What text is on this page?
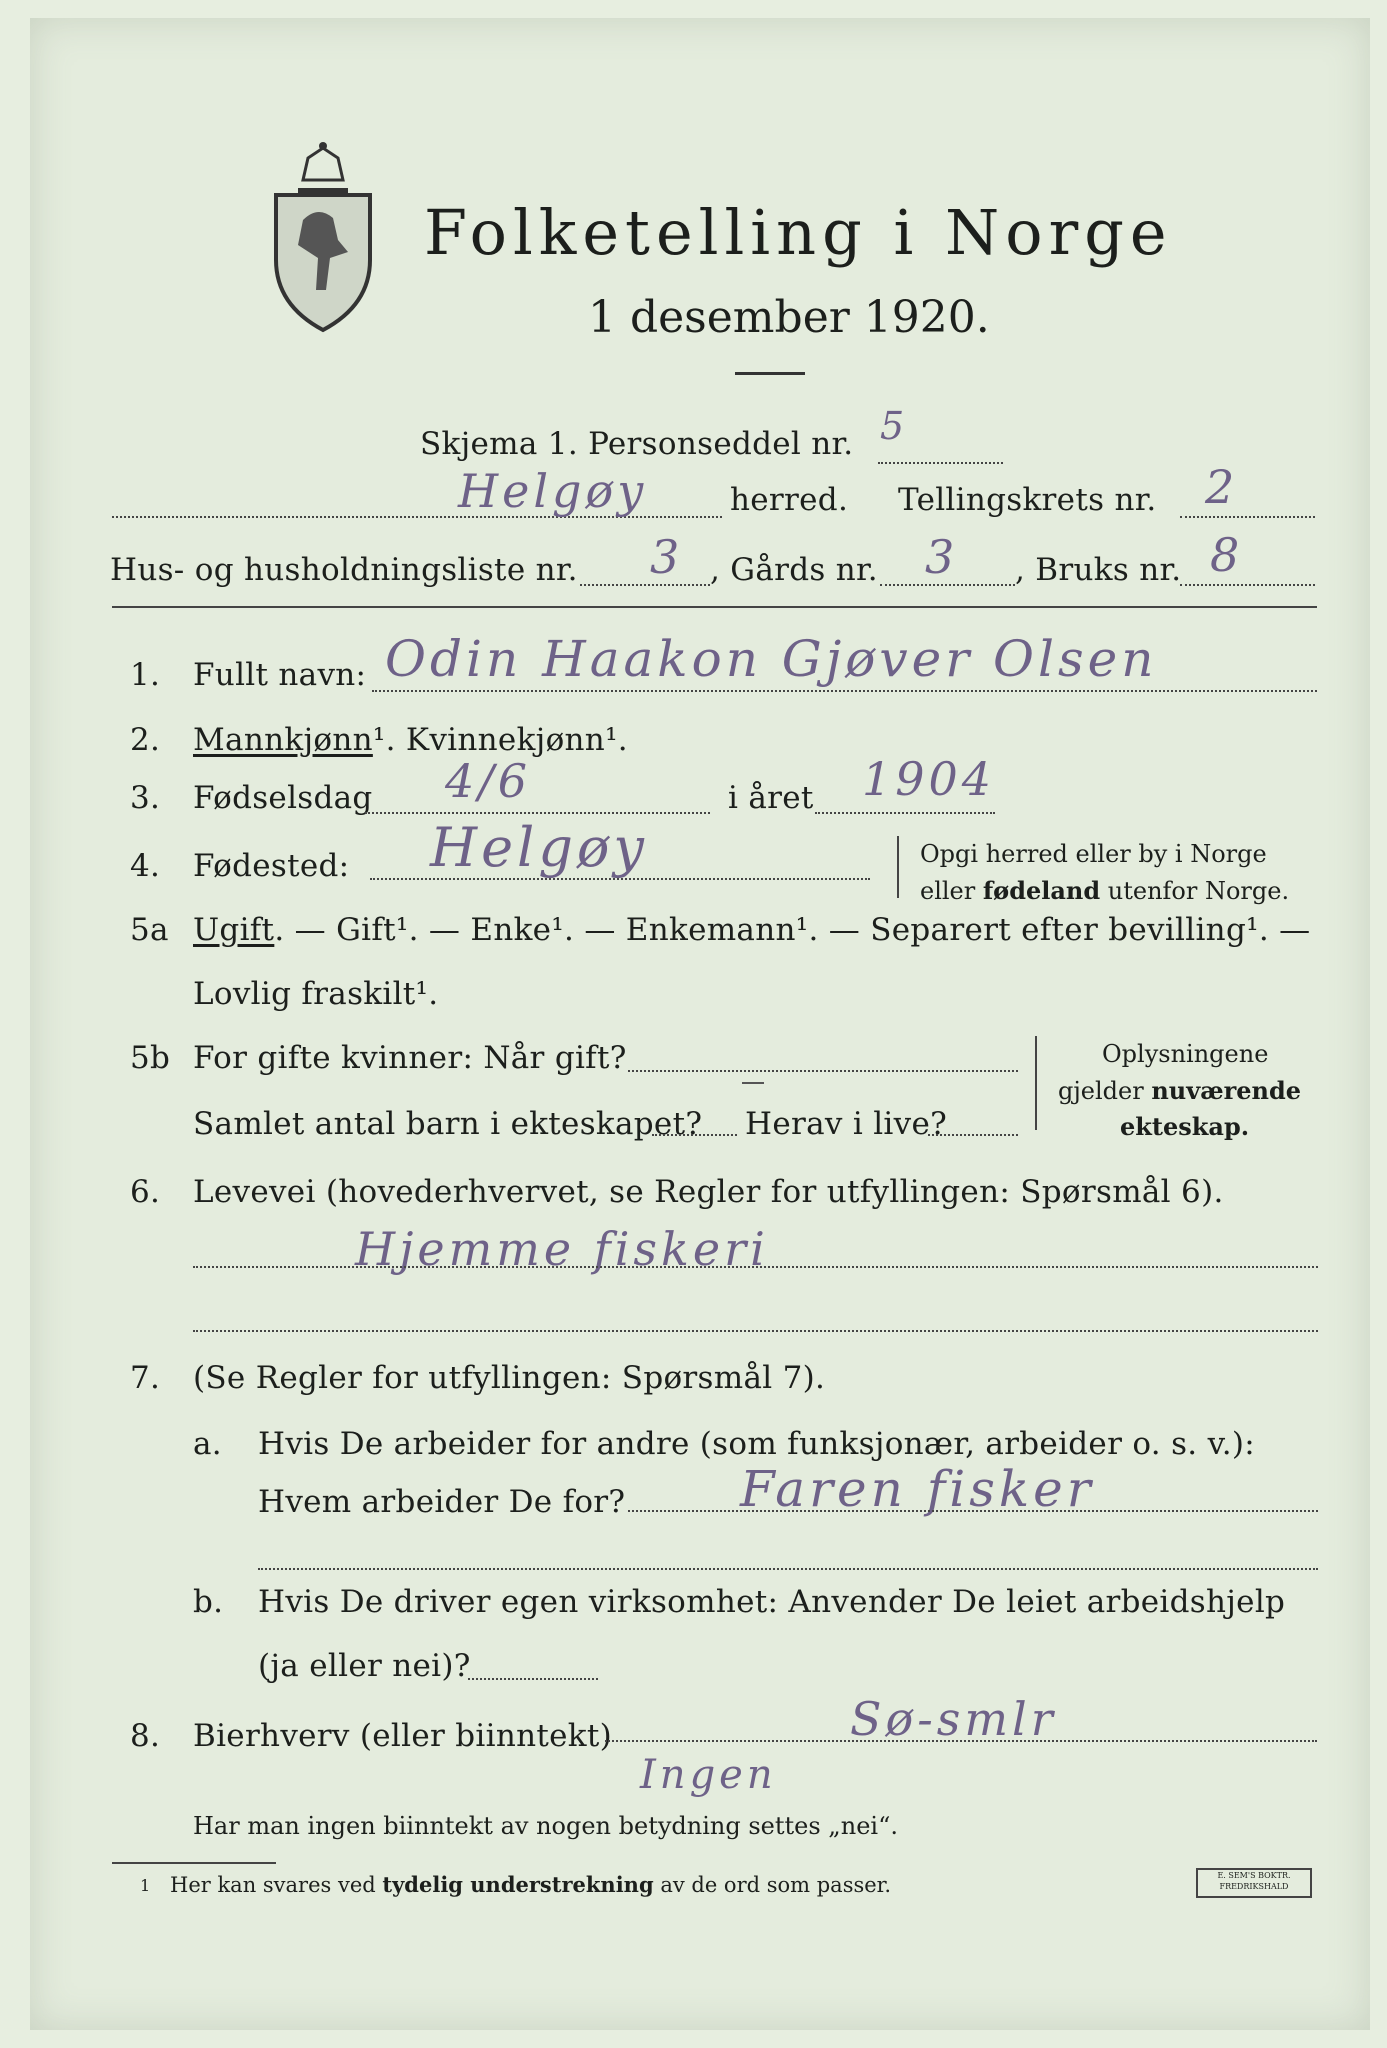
Folketelling i Norge
1 desember 1920.
Skjema 1. Personseddel nr. 5
Helgøy	herred. Tellingskrets nr. 2
Hus- og husholdningsliste nr. 3 , Gårds nr. 3 , Bruks nr. 8
1. Fullt navn: Odin Haakon Gjøver Olsen
2. Mannkjønn¹. Kvinnekjønn¹.
3. Fødselsdag 4/6	i året 1904
4. Fødested: Helgøy	Opgi herred eller by i Norge
eller fødeland utenfor Norge.
5a Ugift. — Gift¹. — Enke¹. — Enkemann¹. — Separert efter bevilling¹. —
Lovlig fraskilt¹.
5b For gifte kvinner: Når gift?
Samlet antal barn i ekteskapet? Herav i live?
Oplysningene
gjelder nuværende
ekteskap.
6. Levevei (hovederhvervet, se Regler for utfyllingen: Spørsmål 6).
Hjemme fiskeri
7. (Se Regler for utfyllingen: Spørsmål 7).
a. Hvis De arbeider for andre (som funksjonær, arbeider o. s. v.):
Hvem arbeider De for? Faren fisker
b. Hvis De driver egen virksomhet: Anvender De leiet arbeidshjelp
(ja eller nei)?
8. Bierhverv (eller biinntekt)	Sø-smlr
Ingen
Har man ingen biinntekt av nogen betydning settes „nei“.
1 Her kan svares ved tydelig understrekning av de ord som passer.	E. SEM'S BOKTR.
FREDRIKSHALD
